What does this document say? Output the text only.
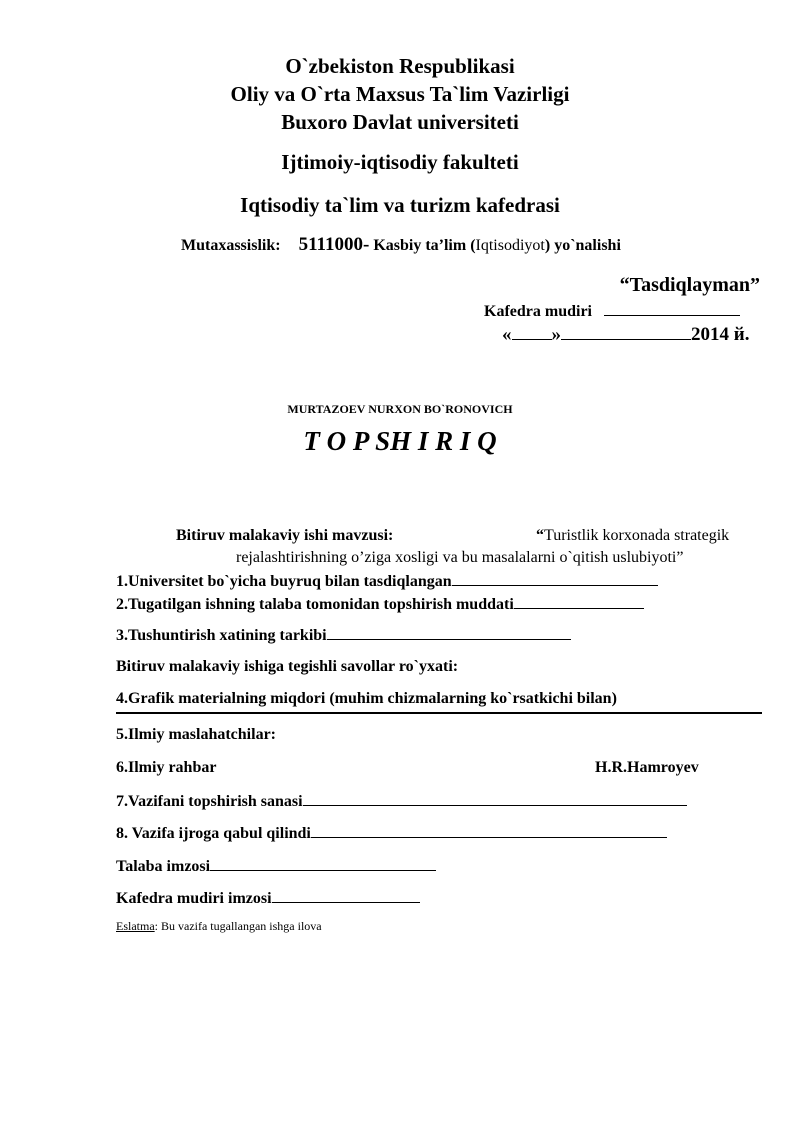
O`zbekiston Respublikasi
Oliy va O`rta Maxsus Ta`lim Vazirligi
Buxoro Davlat universiteti
Ijtimoiy-iqtisodiy fakulteti
Iqtisodiy ta`lim va turizm kafedrasi
Mutaxassislik: 5111000- Kasbiy ta’lim (Iqtisodiyot) yo`nalishi
“Tasdiqlayman”
Kafedra mudiri
« »	2014 й.
MURTAZOEV NURXON BO`RONOVICH
T O P SH I R I Q
Bitiruv malakaviy ishi mavzusi:	“Turistlik korxonada strategik
rejalashtirishning o’ziga xosligi va bu masalalarni o`qitish uslubiyoti”
1.Universitet bo`yicha buyruq bilan tasdiqlangan
2.Tugatilgan ishning talaba tomonidan topshirish muddati
3.Tushuntirish xatining tarkibi
Bitiruv malakaviy ishiga tegishli savollar ro`yxati:
4.Grafik materialning miqdori (muhim chizmalarning ko`rsatkichi bilan)
5.Ilmiy maslahatchilar:
6.Ilmiy rahbar	H.R.Hamroyev
7.Vazifani topshirish sanasi
8. Vazifa ijroga qabul qilindi
Talaba imzosi
Kafedra mudiri imzosi
Eslatma: Bu vazifa tugallangan ishga ilova
